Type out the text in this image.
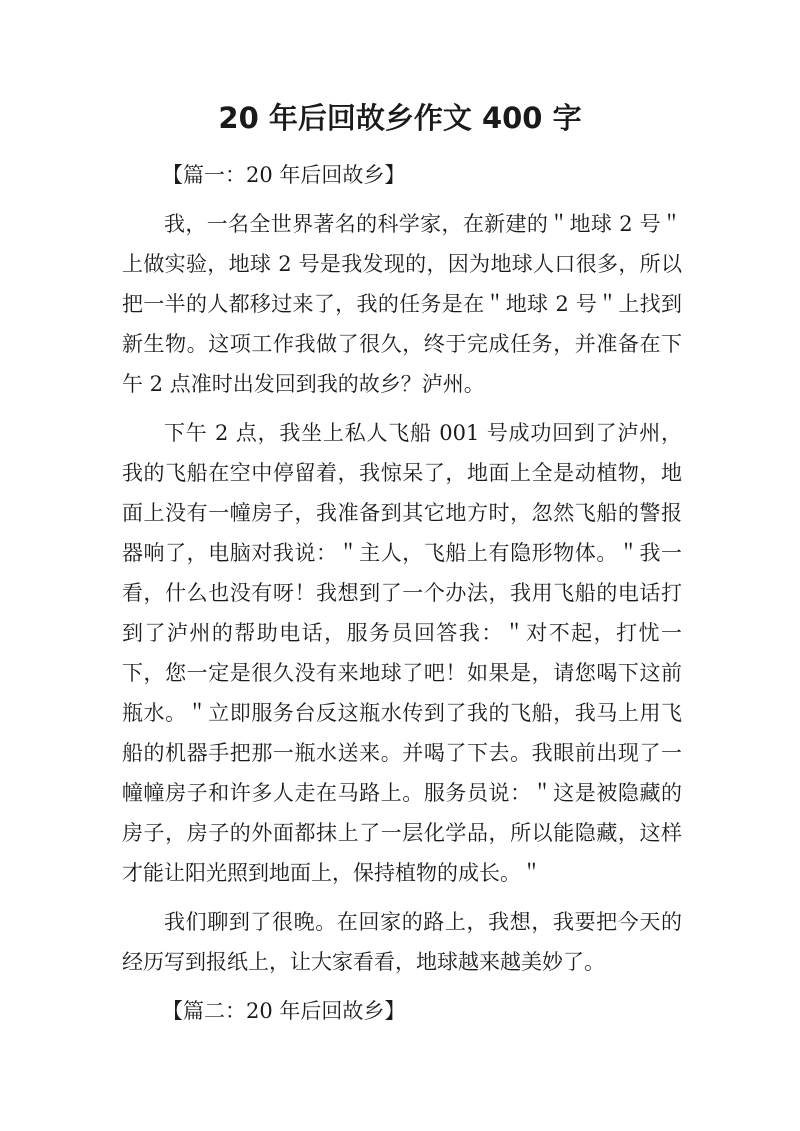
20 年后回故乡作文 400 字

【篇一：20 年后回故乡】

我，一名全世界著名的科学家，在新建的＂地球 2 号＂上做实验，地球 2 号是我发现的，因为地球人口很多，所以把一半的人都移过来了，我的任务是在＂地球 2 号＂上找到新生物。这项工作我做了很久，终于完成任务，并准备在下午 2 点准时出发回到我的故乡？泸州。

下午 2 点，我坐上私人飞船 001 号成功回到了泸州，我的飞船在空中停留着，我惊呆了，地面上全是动植物，地面上没有一幢房子，我准备到其它地方时，忽然飞船的警报器响了，电脑对我说：＂主人，飞船上有隐形物体。＂我一看，什么也没有呀！我想到了一个办法，我用飞船的电话打到了泸州的帮助电话，服务员回答我：＂对不起，打忧一下，您一定是很久没有来地球了吧！如果是，请您喝下这前瓶水。＂立即服务台反这瓶水传到了我的飞船，我马上用飞船的机器手把那一瓶水送来。并喝了下去。我眼前出现了一幢幢房子和许多人走在马路上。服务员说：＂这是被隐藏的房子，房子的外面都抹上了一层化学品，所以能隐藏，这样才能让阳光照到地面上，保持植物的成长。＂

我们聊到了很晚。在回家的路上，我想，我要把今天的经历写到报纸上，让大家看看，地球越来越美妙了。

【篇二：20 年后回故乡】
